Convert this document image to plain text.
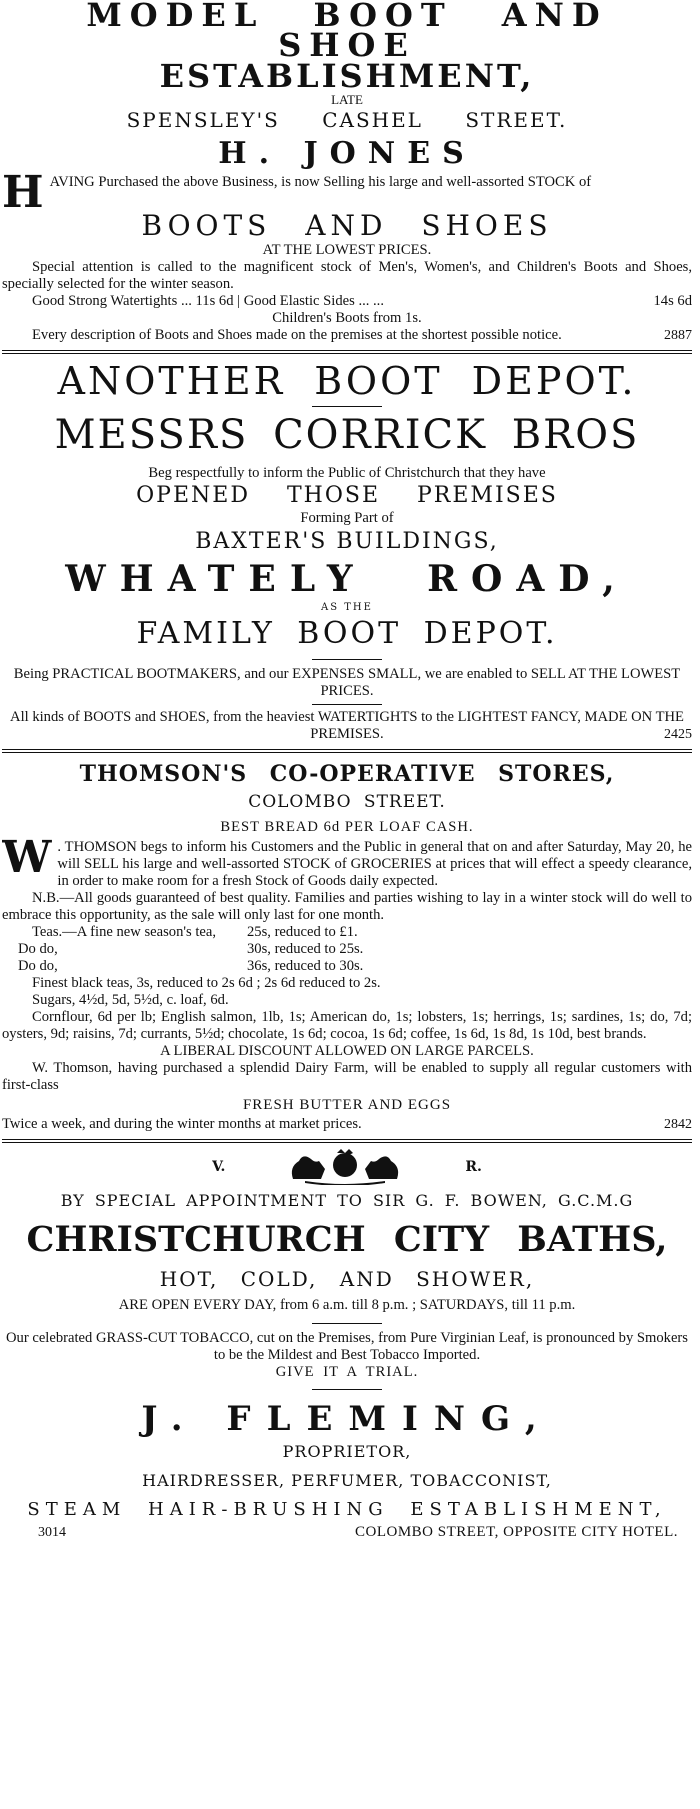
MODEL BOOT AND SHOE
ESTABLISHMENT,
LATE
SPENSLEY'S CASHEL STREET.
H. JONES
H AVING Purchased the above Business, is now Selling his large and well-assorted STOCK of
BOOTS AND SHOES
AT THE LOWEST PRICES.
Special attention is called to the magnificent stock of Men's, Women's, and Children's Boots and Shoes, specially selected for the winter season.
Good Strong Watertights ... 11s 6d | Good Elastic Sides ... ...	14s 6d
Children's Boots from 1s.
Every description of Boots and Shoes made on the premises at the shortest possible notice.	2887
ANOTHER BOOT DEPOT.
MESSRS CORRICK BROS
Beg respectfully to inform the Public of Christchurch that they have
OPENED THOSE PREMISES
Forming Part of
BAXTER'S BUILDINGS,
WHATELY ROAD,
AS THE
FAMILY BOOT DEPOT.
Being PRACTICAL BOOTMAKERS, and our EXPENSES SMALL, we are enabled to SELL AT THE LOWEST PRICES.
All kinds of BOOTS and SHOES, from the heaviest WATERTIGHTS to the LIGHTEST FANCY, MADE ON THE PREMISES.	2425
THOMSON'S CO-OPERATIVE STORES,
COLOMBO STREET.
BEST BREAD 6d PER LOAF CASH.
W . THOMSON begs to inform his Customers and the Public in general that on and after Saturday, May 20, he will SELL his large and well-assorted STOCK of GROCERIES at prices that will effect a speedy clearance, in order to make room for a fresh Stock of Goods daily expected.
N.B.—All goods guaranteed of best quality. Families and parties wishing to lay in a winter stock will do well to embrace this opportunity, as the sale will only last for one month.
Teas.—A fine new season's tea,	25s, reduced to £1.
Do do,	30s, reduced to 25s.
Do do,	36s, reduced to 30s.
Finest black teas, 3s, reduced to 2s 6d ; 2s 6d reduced to 2s.
Sugars, 4½d, 5d, 5½d, c. loaf, 6d.
Cornflour, 6d per lb; English salmon, 1lb, 1s; American do, 1s; lobsters, 1s; herrings, 1s; sardines, 1s; do, 7d; oysters, 9d; raisins, 7d; currants, 5½d; chocolate, 1s 6d; cocoa, 1s 6d; coffee, 1s 6d, 1s 8d, 1s 10d, best brands.
A LIBERAL DISCOUNT ALLOWED ON LARGE PARCELS.
W. Thomson, having purchased a splendid Dairy Farm, will be enabled to supply all regular customers with first-class
FRESH BUTTER AND EGGS
Twice a week, and during the winter months at market prices.	2842
V.	R.
BY SPECIAL APPOINTMENT TO SIR G. F. BOWEN, G.C.M.G
CHRISTCHURCH CITY BATHS,
HOT, COLD, AND SHOWER,
ARE OPEN EVERY DAY, from 6 a.m. till 8 p.m. ; SATURDAYS, till 11 p.m.
Our celebrated GRASS-CUT TOBACCO, cut on the Premises, from Pure Virginian Leaf, is pronounced by Smokers to be the Mildest and Best Tobacco Imported.
GIVE IT A TRIAL.
J. FLEMING,
PROPRIETOR,
HAIRDRESSER, PERFUMER, TOBACCONIST,
STEAM HAIR-BRUSHING ESTABLISHMENT,
3014	COLOMBO STREET, OPPOSITE CITY HOTEL.
